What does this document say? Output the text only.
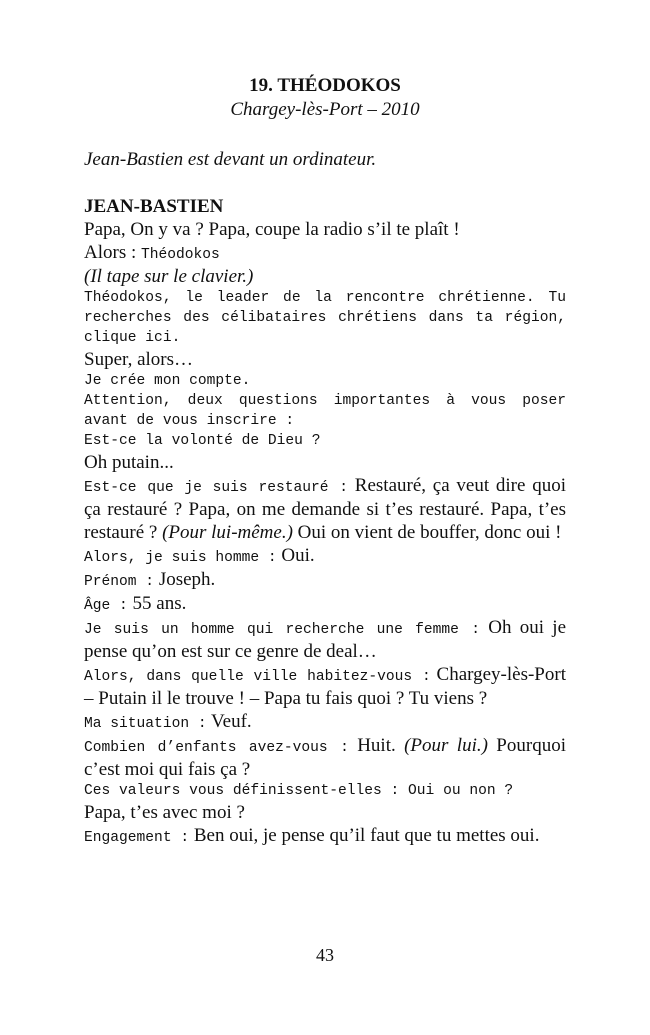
19. THÉODOKOS
Chargey-lès-Port – 2010
Jean-Bastien est devant un ordinateur.
JEAN-BASTIEN

Papa, On y va ? Papa, coupe la radio s’il te plaît !

Alors : Théodokos

(Il tape sur le clavier.)

Théodokos, le leader de la rencontre chrétienne. Tu recherches des célibataires chrétiens dans ta région, clique ici.

Super, alors…

Je crée mon compte.

Attention, deux questions importantes à vous poser avant de vous inscrire :

Est-ce la volonté de Dieu ?

Oh putain...

Est-ce que je suis restauré : Restauré, ça veut dire quoi ça restauré ? Papa, on me demande si t’es restauré. Papa, t’es restauré ? (Pour lui-même.) Oui on vient de bouffer, donc oui !

Alors, je suis homme : Oui.

Prénom : Joseph.

Âge : 55 ans.

Je suis un homme qui recherche une femme : Oh oui je pense qu’on est sur ce genre de deal…

Alors, dans quelle ville habitez-vous : Chargey-lès-Port – Putain il le trouve ! – Papa tu fais quoi ? Tu viens ?

Ma situation : Veuf.

Combien d’enfants avez-vous : Huit. (Pour lui.) Pourquoi c’est moi qui fais ça ?

Ces valeurs vous définissent-elles : Oui ou non ?

Papa, t’es avec moi ?

Engagement : Ben oui, je pense qu’il faut que tu mettes oui.

43
